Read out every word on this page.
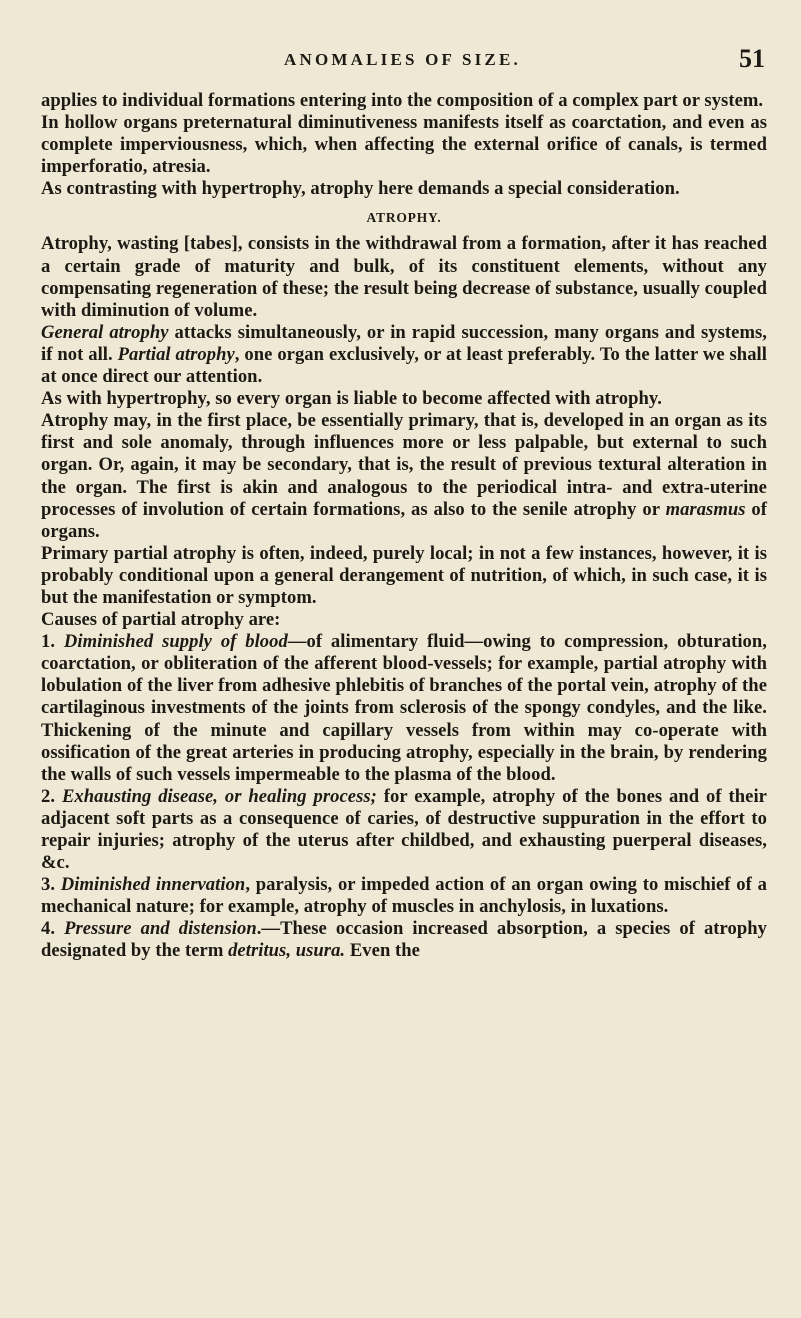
ANOMALIES OF SIZE.	51

applies to individual formations entering into the composition of a complex part or system.

In hollow organs preternatural diminutiveness manifests itself as coarctation, and even as complete imperviousness, which, when affecting the external orifice of canals, is termed imperforatio, atresia.

As contrasting with hypertrophy, atrophy here demands a special consideration.

ATROPHY.

Atrophy, wasting [tabes], consists in the withdrawal from a formation, after it has reached a certain grade of maturity and bulk, of its constituent elements, without any compensating regeneration of these; the result being decrease of substance, usually coupled with diminution of volume.

General atrophy attacks simultaneously, or in rapid succession, many organs and systems, if not all. Partial atrophy, one organ exclusively, or at least preferably. To the latter we shall at once direct our attention.

As with hypertrophy, so every organ is liable to become affected with atrophy.

Atrophy may, in the first place, be essentially primary, that is, developed in an organ as its first and sole anomaly, through influences more or less palpable, but external to such organ. Or, again, it may be secondary, that is, the result of previous textural alteration in the organ. The first is akin and analogous to the periodical intra- and extra-uterine processes of involution of certain formations, as also to the senile atrophy or marasmus of organs.

Primary partial atrophy is often, indeed, purely local; in not a few instances, however, it is probably conditional upon a general derangement of nutrition, of which, in such case, it is but the manifestation or symptom.

Causes of partial atrophy are:

1. Diminished supply of blood—of alimentary fluid—owing to compression, obturation, coarctation, or obliteration of the afferent blood-vessels; for example, partial atrophy with lobulation of the liver from adhesive phlebitis of branches of the portal vein, atrophy of the cartilaginous investments of the joints from sclerosis of the spongy condyles, and the like. Thickening of the minute and capillary vessels from within may co-operate with ossification of the great arteries in producing atrophy, especially in the brain, by rendering the walls of such vessels impermeable to the plasma of the blood.

2. Exhausting disease, or healing process; for example, atrophy of the bones and of their adjacent soft parts as a consequence of caries, of destructive suppuration in the effort to repair injuries; atrophy of the uterus after childbed, and exhausting puerperal diseases, &c.

3. Diminished innervation, paralysis, or impeded action of an organ owing to mischief of a mechanical nature; for example, atrophy of muscles in anchylosis, in luxations.

4. Pressure and distension.—These occasion increased absorption, a species of atrophy designated by the term detritus, usura. Even the
